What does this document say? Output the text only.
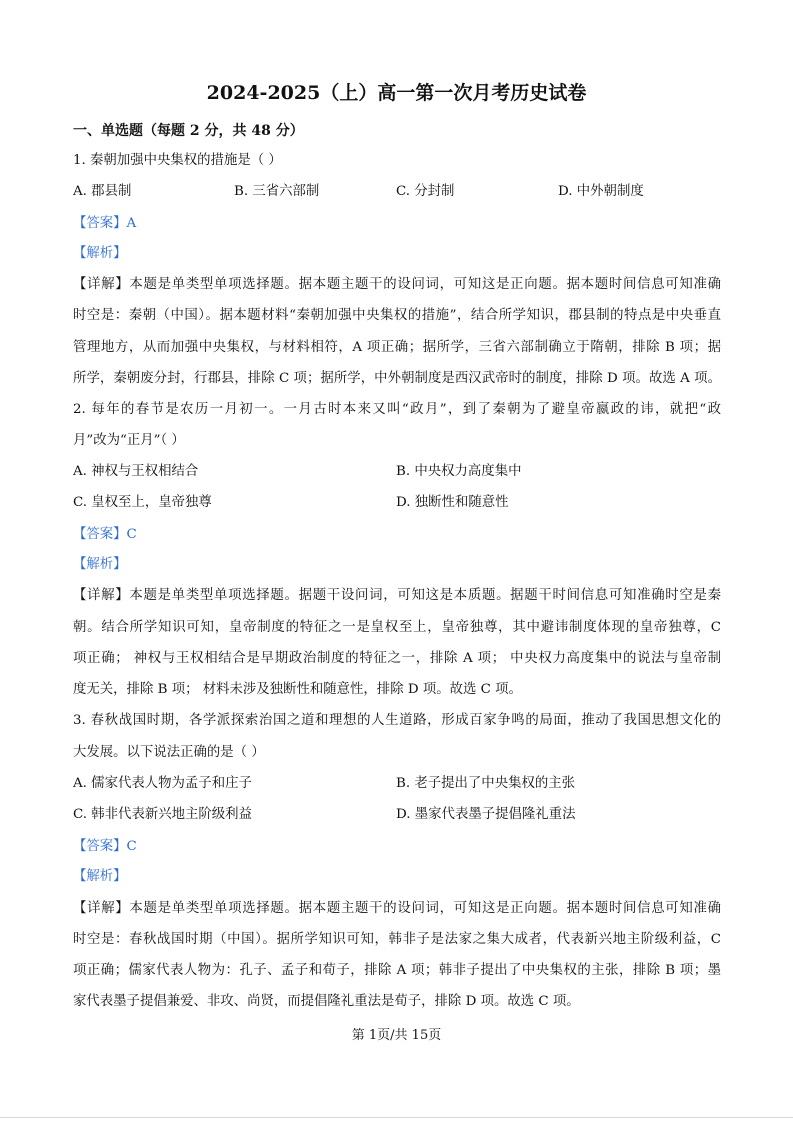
2024-2025（上）高一第一次月考历史试卷
一、单选题（每题 2 分，共 48 分）
1. 秦朝加强中央集权的措施是（ ）
A. 郡县制	B. 三省六部制	C. 分封制	D. 中外朝制度
【答案】A
【解析】
【详解】本题是单类型单项选择题。据本题主题干的设问词，可知这是正向题。据本题时间信息可知准确
时空是：秦朝（中国）。据本题材料“秦朝加强中央集权的措施”，结合所学知识，郡县制的特点是中央垂直
管理地方，从而加强中央集权，与材料相符，A 项正确；据所学，三省六部制确立于隋朝，排除 B 项；据
所学，秦朝废分封，行郡县，排除 C 项；据所学，中外朝制度是西汉武帝时的制度，排除 D 项。故选 A 项。
2. 每年的春节是农历一月初一。一月古时本来又叫“政月”，到了秦朝为了避皇帝嬴政的讳，就把“政
月”改为“正月”（ ）
A. 神权与王权相结合	B. 中央权力高度集中
C. 皇权至上，皇帝独尊	D. 独断性和随意性
【答案】C
【解析】
【详解】本题是单类型单项选择题。据题干设问词，可知这是本质题。据题干时间信息可知准确时空是秦
朝。结合所学知识可知，皇帝制度的特征之一是皇权至上，皇帝独尊，其中避讳制度体现的皇帝独尊，C
项正确； 神权与王权相结合是早期政治制度的特征之一，排除 A 项； 中央权力高度集中的说法与皇帝制
度无关，排除 B 项； 材料未涉及独断性和随意性，排除 D 项。故选 C 项。
3. 春秋战国时期，各学派探索治国之道和理想的人生道路，形成百家争鸣的局面，推动了我国思想文化的
大发展。以下说法正确的是（ ）
A. 儒家代表人物为孟子和庄子	B. 老子提出了中央集权的主张
C. 韩非代表新兴地主阶级利益	D. 墨家代表墨子提倡隆礼重法
【答案】C
【解析】
【详解】本题是单类型单项选择题。据本题主题干的设问词，可知这是正向题。据本题时间信息可知准确
时空是：春秋战国时期（中国）。据所学知识可知，韩非子是法家之集大成者，代表新兴地主阶级利益，C
项正确；儒家代表人物为：孔子、孟子和荀子，排除 A 项；韩非子提出了中央集权的主张，排除 B 项；墨
家代表墨子提倡兼爱、非攻、尚贤，而提倡隆礼重法是荀子，排除 D 项。故选 C 项。
第 1页/共 15页
